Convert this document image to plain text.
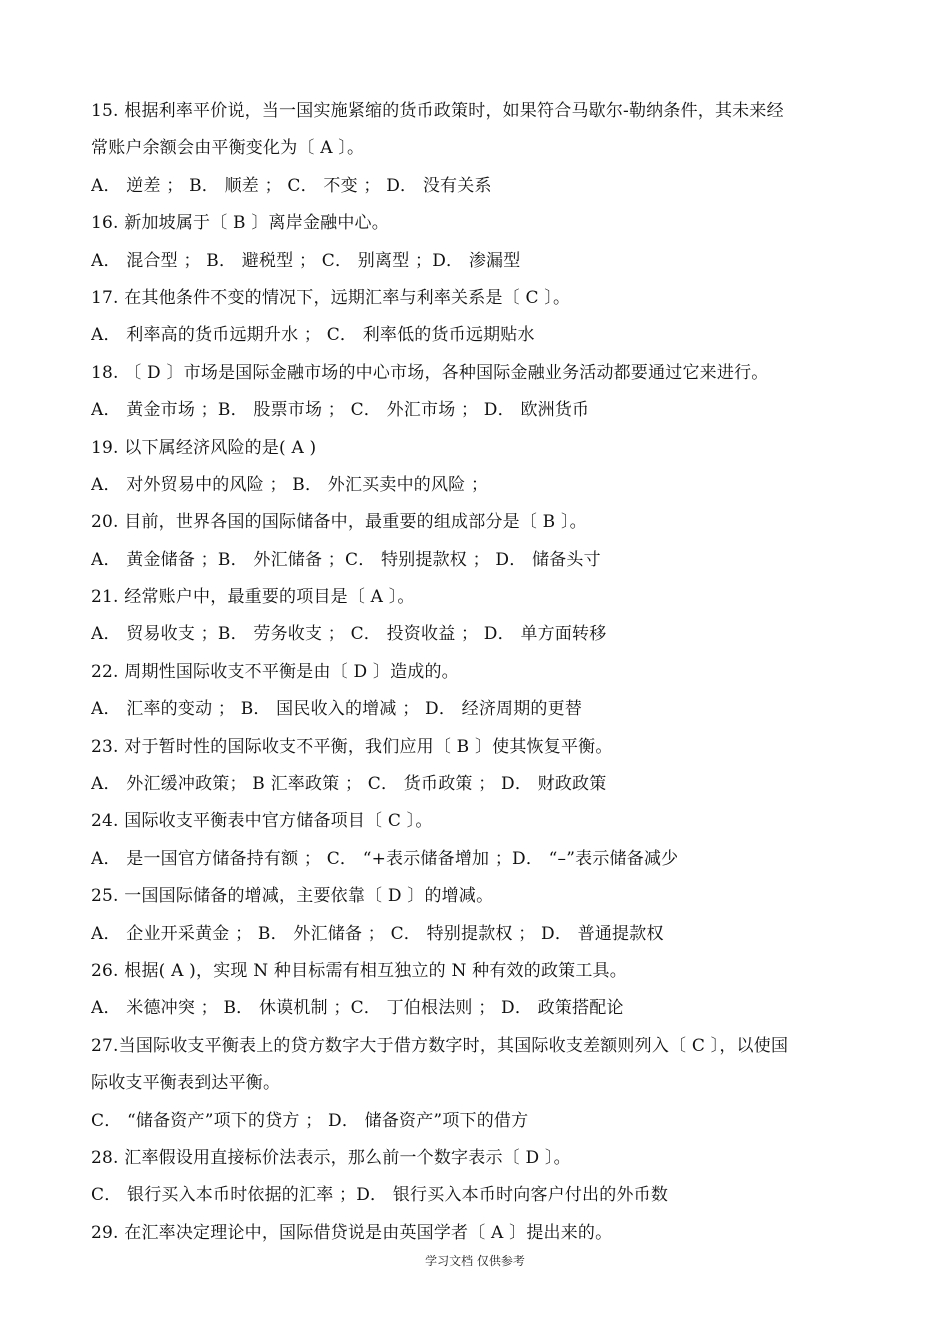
15. 根据利率平价说，当一国实施紧缩的货币政策时，如果符合马歇尔-勒纳条件，其未来经
常账户余额会由平衡变化为〔 A 〕。
A． 逆差 ； B． 顺差 ； C． 不变 ； D． 没有关系
16. 新加坡属于〔 B 〕离岸金融中心。
A． 混合型 ； B． 避税型 ； C． 别离型 ；D． 渗漏型
17. 在其他条件不变的情况下，远期汇率与利率关系是〔 C 〕。
A． 利率高的货币远期升水 ； C． 利率低的货币远期贴水
18. 〔 D 〕市场是国际金融市场的中心市场，各种国际金融业务活动都要通过它来进行。
A． 黄金市场 ；B． 股票市场 ； C． 外汇市场 ； D． 欧洲货币
19. 以下属经济风险的是( A )
A． 对外贸易中的风险 ； B． 外汇买卖中的风险 ；
20. 目前，世界各国的国际储备中，最重要的组成部分是〔 B 〕。
A． 黄金储备 ；B． 外汇储备 ；C． 特别提款权 ； D． 储备头寸
21. 经常账户中，最重要的项目是〔 A 〕。
A． 贸易收支 ；B． 劳务收支 ； C． 投资收益 ； D． 单方面转移
22. 周期性国际收支不平衡是由〔 D 〕造成的。
A． 汇率的变动 ； B． 国民收入的增减 ； D． 经济周期的更替
23. 对于暂时性的国际收支不平衡，我们应用〔 B 〕使其恢复平衡。
A． 外汇缓冲政策； B 汇率政策 ； C． 货币政策 ； D． 财政政策
24. 国际收支平衡表中官方储备项目〔 C 〕。
A． 是一国官方储备持有额 ； C． “+表示储备增加 ；D． “–”表示储备减少
25. 一国国际储备的增减，主要依靠〔 D 〕的增减。
A． 企业开采黄金 ； B． 外汇储备 ； C． 特别提款权 ； D． 普通提款权
26. 根据( A )，实现 N 种目标需有相互独立的 N 种有效的政策工具。
A． 米德冲突 ； B． 休谟机制 ；C． 丁伯根法则 ； D． 政策搭配论
27.当国际收支平衡表上的贷方数字大于借方数字时，其国际收支差额则列入〔 C 〕，以使国
际收支平衡表到达平衡。
C． “储备资产”项下的贷方 ； D． 储备资产”项下的借方
28. 汇率假设用直接标价法表示，那么前一个数字表示〔 D 〕。
C． 银行买入本币时依据的汇率 ；D． 银行买入本币时向客户付出的外币数
29. 在汇率决定理论中，国际借贷说是由英国学者〔 A 〕提出来的。
学习文档 仅供参考
